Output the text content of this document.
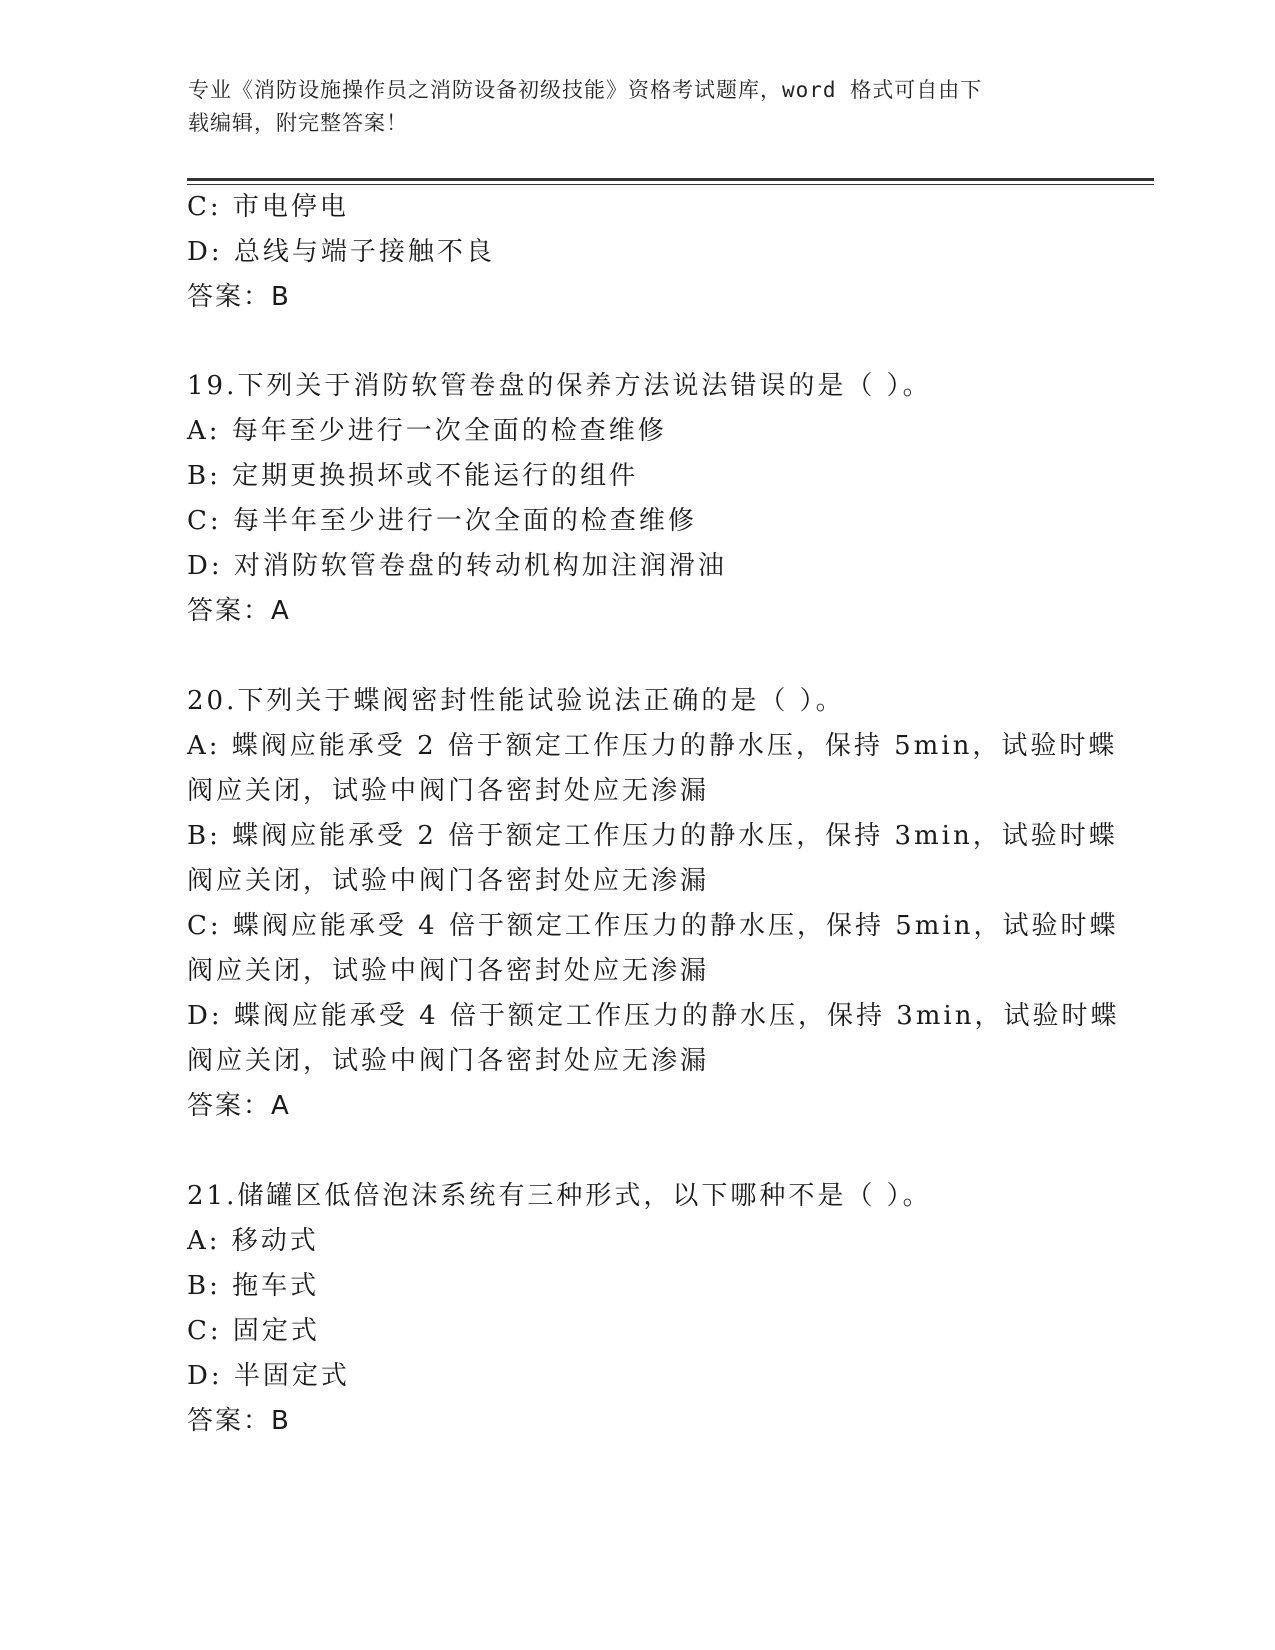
专业《消防设施操作员之消防设备初级技能》资格考试题库，word 格式可自由下
载编辑，附完整答案！
C: 市电停电
D: 总线与端子接触不良
答案：B
19.下列关于消防软管卷盘的保养方法说法错误的是（ ）。
A: 每年至少进行一次全面的检查维修
B: 定期更换损坏或不能运行的组件
C: 每半年至少进行一次全面的检查维修
D: 对消防软管卷盘的转动机构加注润滑油
答案：A
20.下列关于蝶阀密封性能试验说法正确的是（ ）。
A: 蝶阀应能承受 2 倍于额定工作压力的静水压，保持 5min，试验时蝶
阀应关闭，试验中阀门各密封处应无渗漏
B: 蝶阀应能承受 2 倍于额定工作压力的静水压，保持 3min，试验时蝶
阀应关闭，试验中阀门各密封处应无渗漏
C: 蝶阀应能承受 4 倍于额定工作压力的静水压，保持 5min，试验时蝶
阀应关闭，试验中阀门各密封处应无渗漏
D: 蝶阀应能承受 4 倍于额定工作压力的静水压，保持 3min，试验时蝶
阀应关闭，试验中阀门各密封处应无渗漏
答案：A
21.储罐区低倍泡沫系统有三种形式，以下哪种不是（ ）。
A: 移动式
B: 拖车式
C: 固定式
D: 半固定式
答案：B
